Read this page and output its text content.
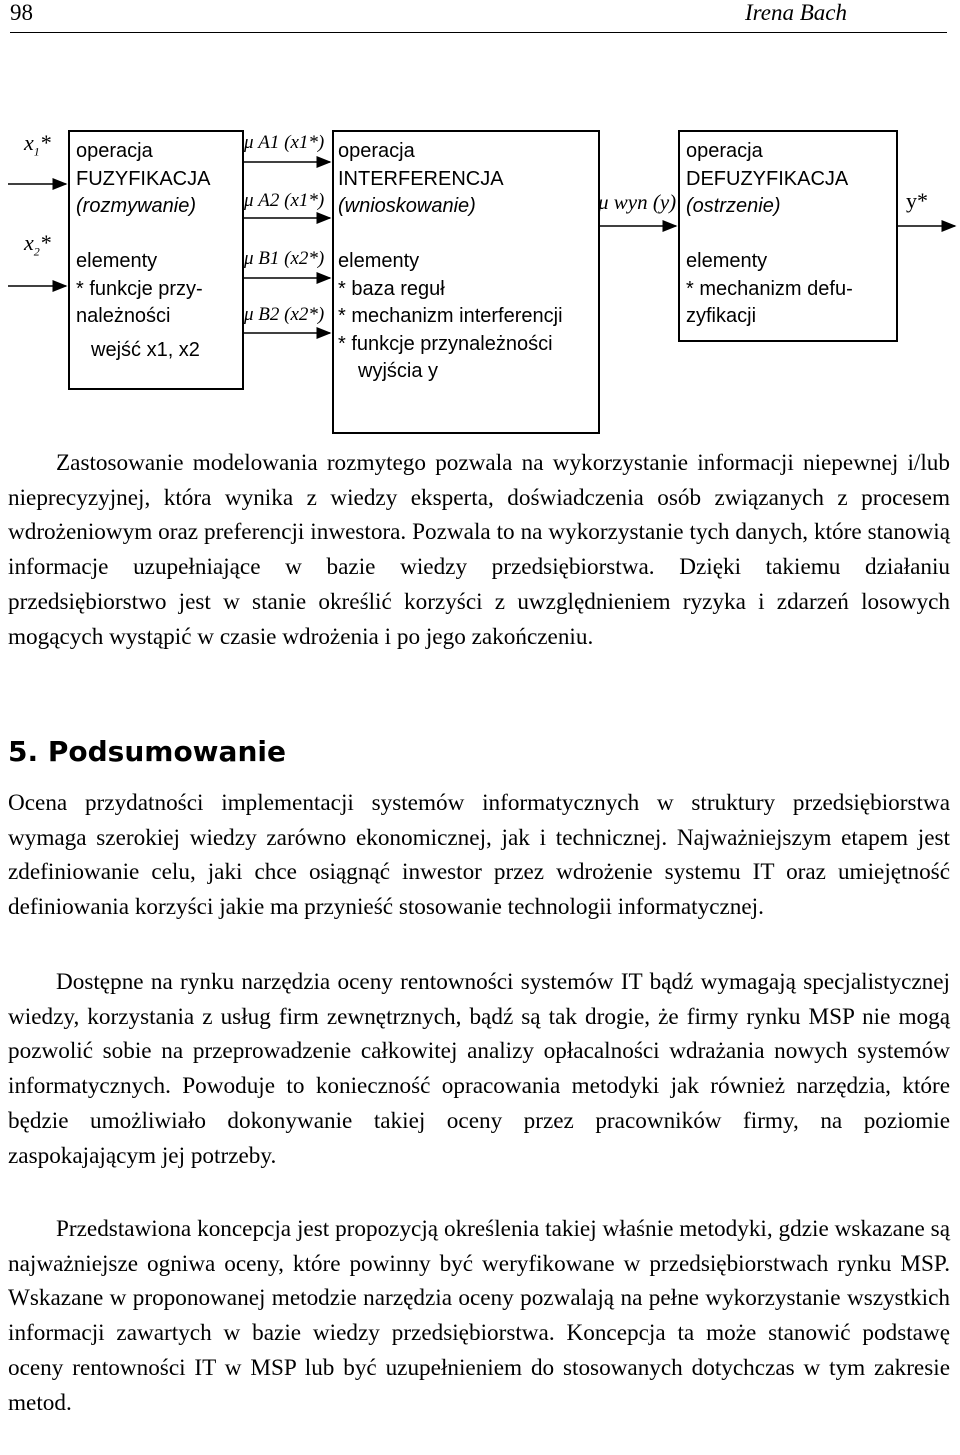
98	Irena Bach
$x_1*$
$x_2*$
operacja
FUZYFIKACJA
(rozmywanie)

elementy
* funkcje przy-
należności
wejść x1, x2
μ A1 (x1*)
μ A2 (x1*)
μ B1 (x2*)
μ B2 (x2*)
operacja
INTERFERENCJA
(wnioskowanie)

elementy
* baza reguł
* mechanizm interferencji
* funkcje przynależności
wyjścia y
μ wyn (y)
operacja
DEFUZYFIKACJA
(ostrzenie)

elementy
* mechanizm defu-
zyfikacji
y*

Zastosowanie modelowania rozmytego pozwala na wykorzystanie informacji niepewnej i/lub nieprecyzyjnej, która wynika z wiedzy eksperta, doświadczenia osób związanych z procesem wdrożeniowym oraz preferencji inwestora. Pozwala to na wykorzystanie tych danych, które stanowią informacje uzupełniające w bazie wiedzy przedsiębiorstwa. Dzięki takiemu działaniu przedsiębiorstwo jest w stanie określić korzyści z uwzględnieniem ryzyka i zdarzeń losowych mogących wystąpić w czasie wdrożenia i po jego zakończeniu.

5. Podsumowanie

Ocena przydatności implementacji systemów informatycznych w struktury przedsiębiorstwa wymaga szerokiej wiedzy zarówno ekonomicznej, jak i technicznej. Najważniejszym etapem jest zdefiniowanie celu, jaki chce osiągnąć inwestor przez wdrożenie systemu IT oraz umiejętność definiowania korzyści jakie ma przynieść stosowanie technologii informatycznej.

Dostępne na rynku narzędzia oceny rentowności systemów IT bądź wymagają specjalistycznej wiedzy, korzystania z usług firm zewnętrznych, bądź są tak drogie, że firmy rynku MSP nie mogą pozwolić sobie na przeprowadzenie całkowitej analizy opłacalności wdrażania nowych systemów informatycznych. Powoduje to konieczność opracowania metodyki jak również narzędzia, które będzie umożliwiało dokonywanie takiej oceny przez pracowników firmy, na poziomie zaspokajającym jej potrzeby.

Przedstawiona koncepcja jest propozycją określenia takiej właśnie metodyki, gdzie wskazane są najważniejsze ogniwa oceny, które powinny być weryfikowane w przedsiębiorstwach rynku MSP. Wskazane w proponowanej metodzie narzędzia oceny pozwalają na pełne wykorzystanie wszystkich informacji zawartych w bazie wiedzy przedsiębiorstwa. Koncepcja ta może stanowić podstawę oceny rentowności IT w MSP lub być uzupełnieniem do stosowanych dotychczas w tym zakresie metod.
